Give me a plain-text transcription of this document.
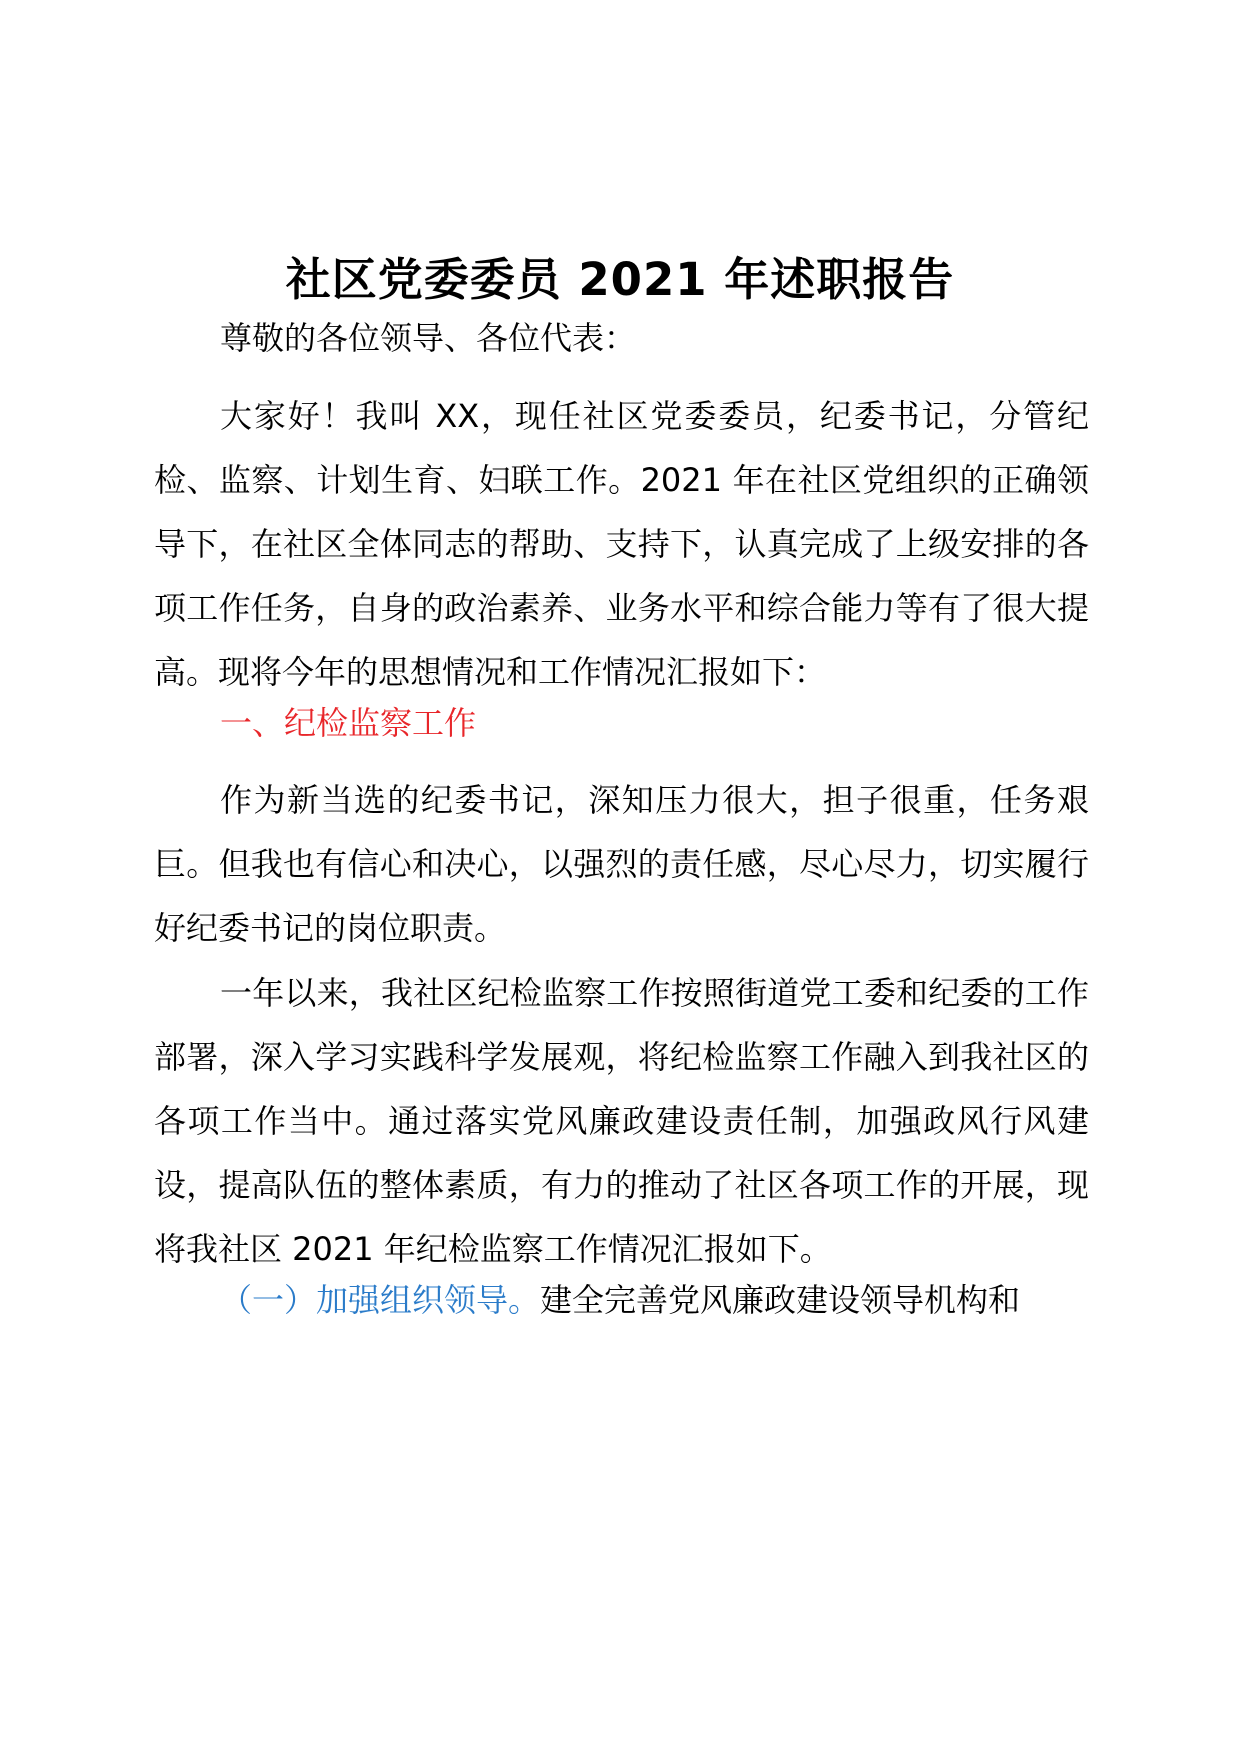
社区党委委员 2021 年述职报告

尊敬的各位领导、各位代表：

大家好！我叫 XX，现任社区党委委员，纪委书记，分管纪检、监察、计划生育、妇联工作。2021 年在社区党组织的正确领导下，在社区全体同志的帮助、支持下，认真完成了上级安排的各项工作任务，自身的政治素养、业务水平和综合能力等有了很大提高。现将今年的思想情况和工作情况汇报如下：

一、纪检监察工作

作为新当选的纪委书记，深知压力很大，担子很重，任务艰巨。但我也有信心和决心，以强烈的责任感，尽心尽力，切实履行好纪委书记的岗位职责。

一年以来，我社区纪检监察工作按照街道党工委和纪委的工作部署，深入学习实践科学发展观，将纪检监察工作融入到我社区的各项工作当中。通过落实党风廉政建设责任制，加强政风行风建设，提高队伍的整体素质，有力的推动了社区各项工作的开展，现将我社区 2021 年纪检监察工作情况汇报如下。

（一）加强组织领导。建全完善党风廉政建设领导机构和
